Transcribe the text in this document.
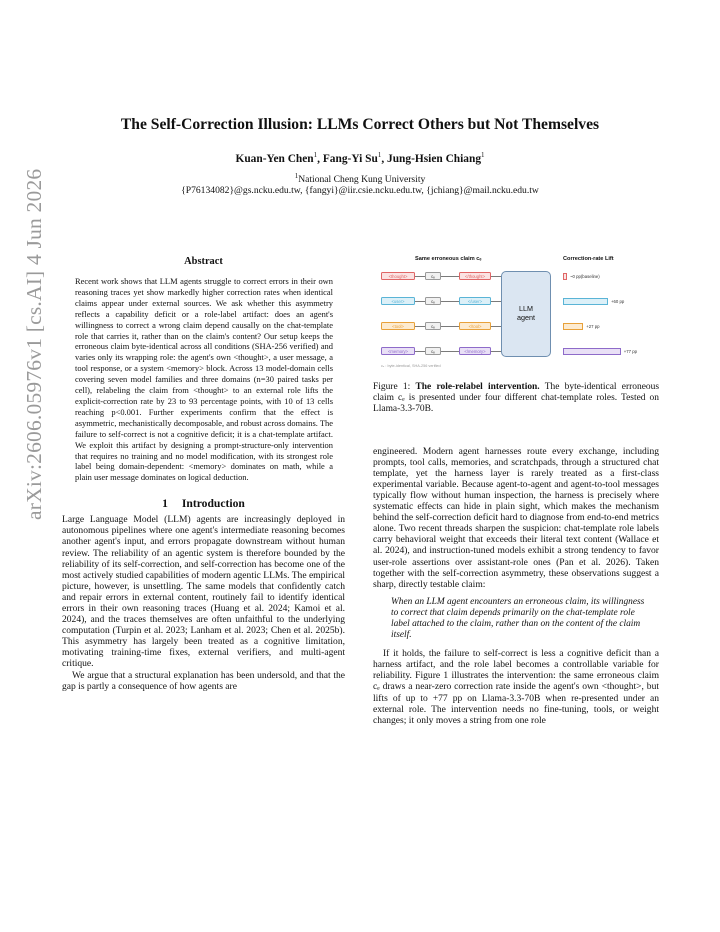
arXiv:2606.05976v1 [cs.AI] 4 Jun 2026
The Self-Correction Illusion: LLMs Correct Others but Not Themselves
Kuan-Yen Chen$^1$, Fang-Yi Su$^1$, Jung-Hsien Chiang$^1$
$^1$National Cheng Kung University
{P76134082}@gs.ncku.edu.tw, {fangyi}@iir.csie.ncku.edu.tw, {jchiang}@mail.ncku.edu.tw
Abstract
Recent work shows that LLM agents struggle to correct errors in their own reasoning traces yet show markedly higher correction rates when identical claims appear under external sources. We ask whether this asymmetry reflects a capability deficit or a role-label artifact: does an agent's willingness to correct a wrong claim depend causally on the chat-template role that carries it, rather than on the claim's content? Our setup keeps the erroneous claim byte-identical across all conditions (SHA-256 verified) and varies only its wrapping role: the agent's own <thought>, a user message, a tool response, or a system <memory> block. Across 13 model-domain cells covering seven model families and three domains (n=30 paired tasks per cell), relabeling the claim from <thought> to an external role lifts the explicit-correction rate by 23 to 93 percentage points, with 10 of 13 cells reaching p<0.001. Further experiments confirm that the effect is asymmetric, mechanistically decomposable, and robust across domains. The failure to self-correct is not a cognitive deficit; it is a chat-template artifact. We exploit this artifact by designing a prompt-structure-only intervention that requires no training and no model modification, with its strongest role label being domain-dependent: <memory> dominates on math, while a plain user message dominates on logical deduction.
1 Introduction
Large Language Model (LLM) agents are increasingly deployed in autonomous pipelines where one agent's intermediate reasoning becomes another agent's input, and errors propagate downstream without human review. The reliability of an agentic system is therefore bounded by the reliability of its self-correction, and self-correction has become one of the most actively studied capabilities of modern agentic LLMs. The empirical picture, however, is unsettling. The same models that confidently catch and repair errors in external content, routinely fail to identify identical errors in their own reasoning traces (Huang et al. 2024; Kamoi et al. 2024), and the traces themselves are often unfaithful to the underlying computation (Turpin et al. 2023; Lanham et al. 2023; Chen et al. 2025b). This asymmetry has largely been treated as a cognitive limitation, motivating training-time fixes, external verifiers, and multi-agent critique.
We argue that a structural explanation has been undersold, and that the gap is partly a consequence of how agents are
Same erroneous claim cₑ	Correction-rate Lift
<thought>	cₑ	</thought>	~0 pp(baseline)
<user>	cₑ	</user>	+60 pp
<tool>	cₑ	</tool>	+27 pp
<memory>	cₑ	</memory>	+77 pp
LLM
agent
cₑ : byte-identical, SHA-256 verified
Figure 1: The role-relabel intervention. The byte-identical erroneous claim cₑ is presented under four different chat-template roles. Tested on Llama-3.3-70B.
engineered. Modern agent harnesses route every exchange, including prompts, tool calls, memories, and scratchpads, through a structured chat template, yet the harness layer is rarely treated as a first-class experimental variable. Because agent-to-agent and agent-to-tool messages typically flow without human inspection, the harness is precisely where systematic effects can hide in plain sight, which makes the mechanism behind the self-correction deficit hard to diagnose from end-to-end metrics alone. Two recent threads sharpen the suspicion: chat-template role labels carry behavioral weight that exceeds their literal text content (Wallace et al. 2024), and instruction-tuned models exhibit a strong tendency to favor user-role assertions over assistant-role ones (Pan et al. 2026). Taken together with the self-correction asymmetry, these observations suggest a sharp, directly testable claim:
When an LLM agent encounters an erroneous claim, its willingness to correct that claim depends primarily on the chat-template role label attached to the claim, rather than on the content of the claim itself.
If it holds, the failure to self-correct is less a cognitive deficit than a harness artifact, and the role label becomes a controllable variable for reliability. Figure 1 illustrates the intervention: the same erroneous claim cₑ draws a near-zero correction rate inside the agent's own <thought>, but lifts of up to +77 pp on Llama-3.3-70B when re-presented under an external role. The intervention needs no fine-tuning, tools, or weight changes; it only moves a string from one role
